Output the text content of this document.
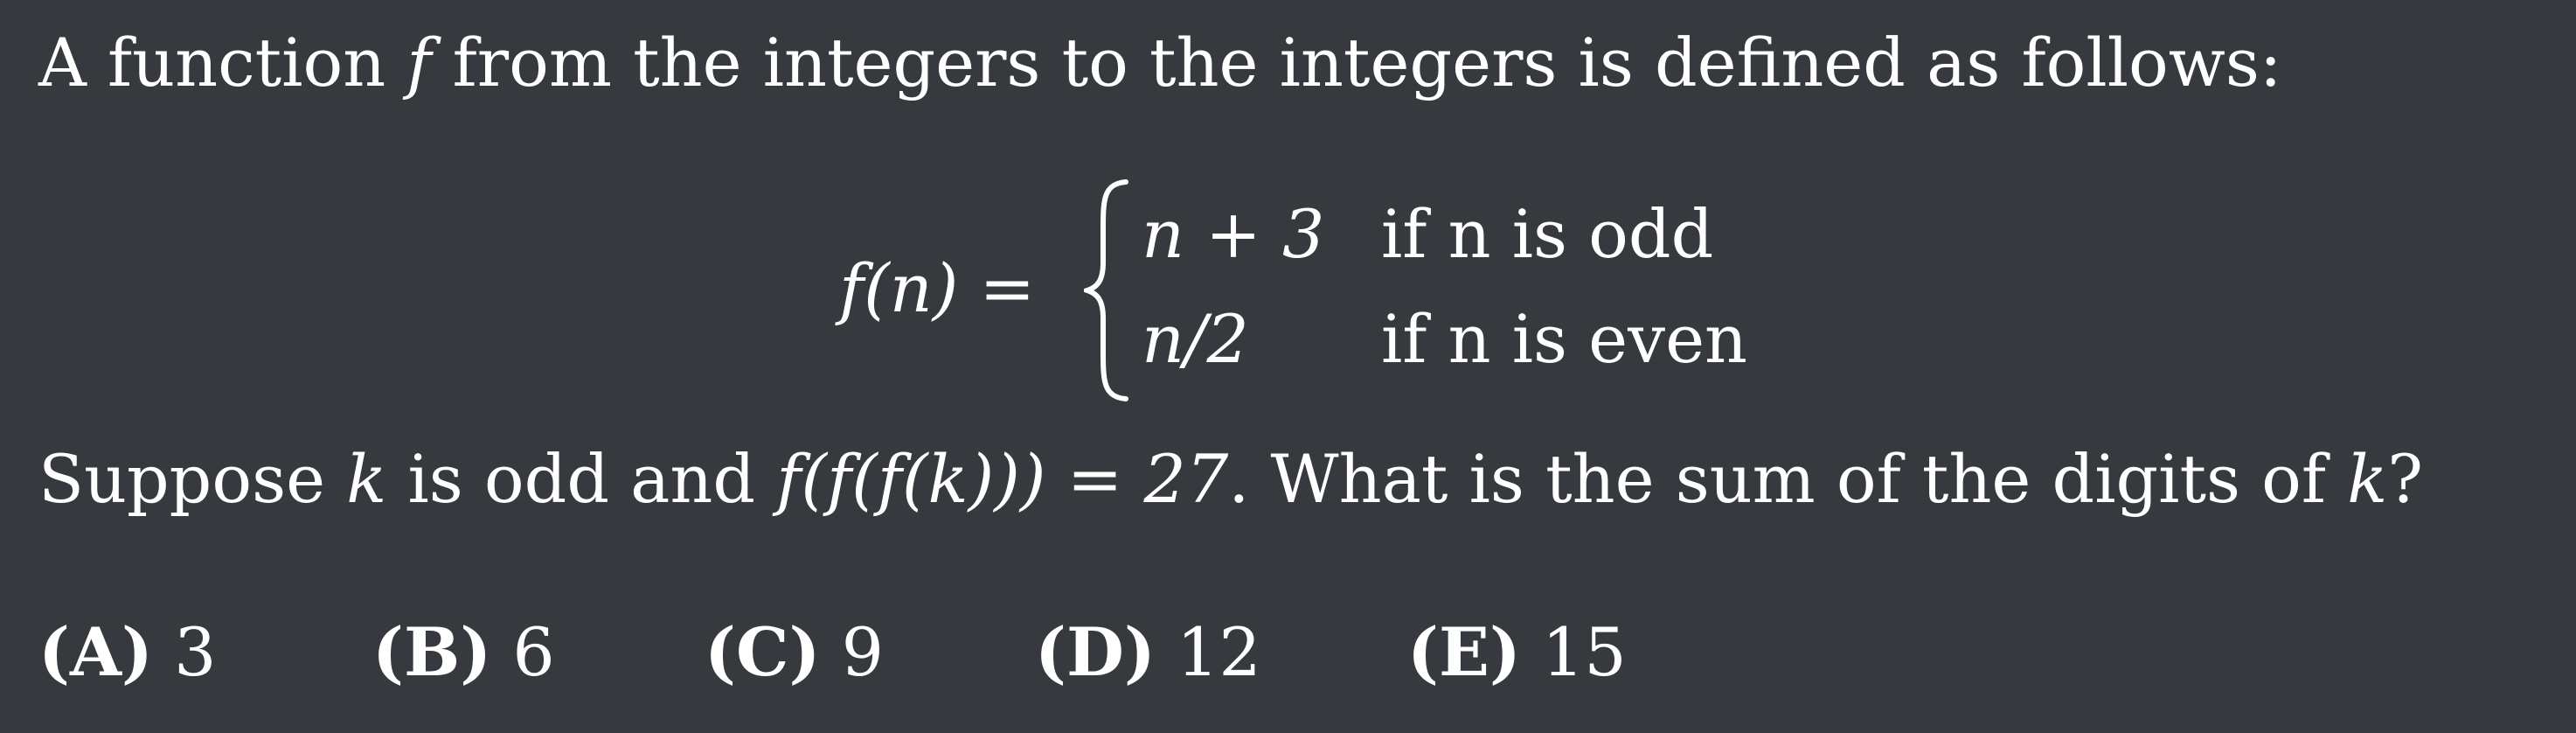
A function f from the integers to the integers is defined as follows:
f(n) =
n + 3 if n is odd
n/2 if n is even
Suppose k is odd and f(f(f(k))) = 27. What is the sum of the digits of k?
(A) 3 (B) 6 (C) 9 (D) 12 (E) 15
